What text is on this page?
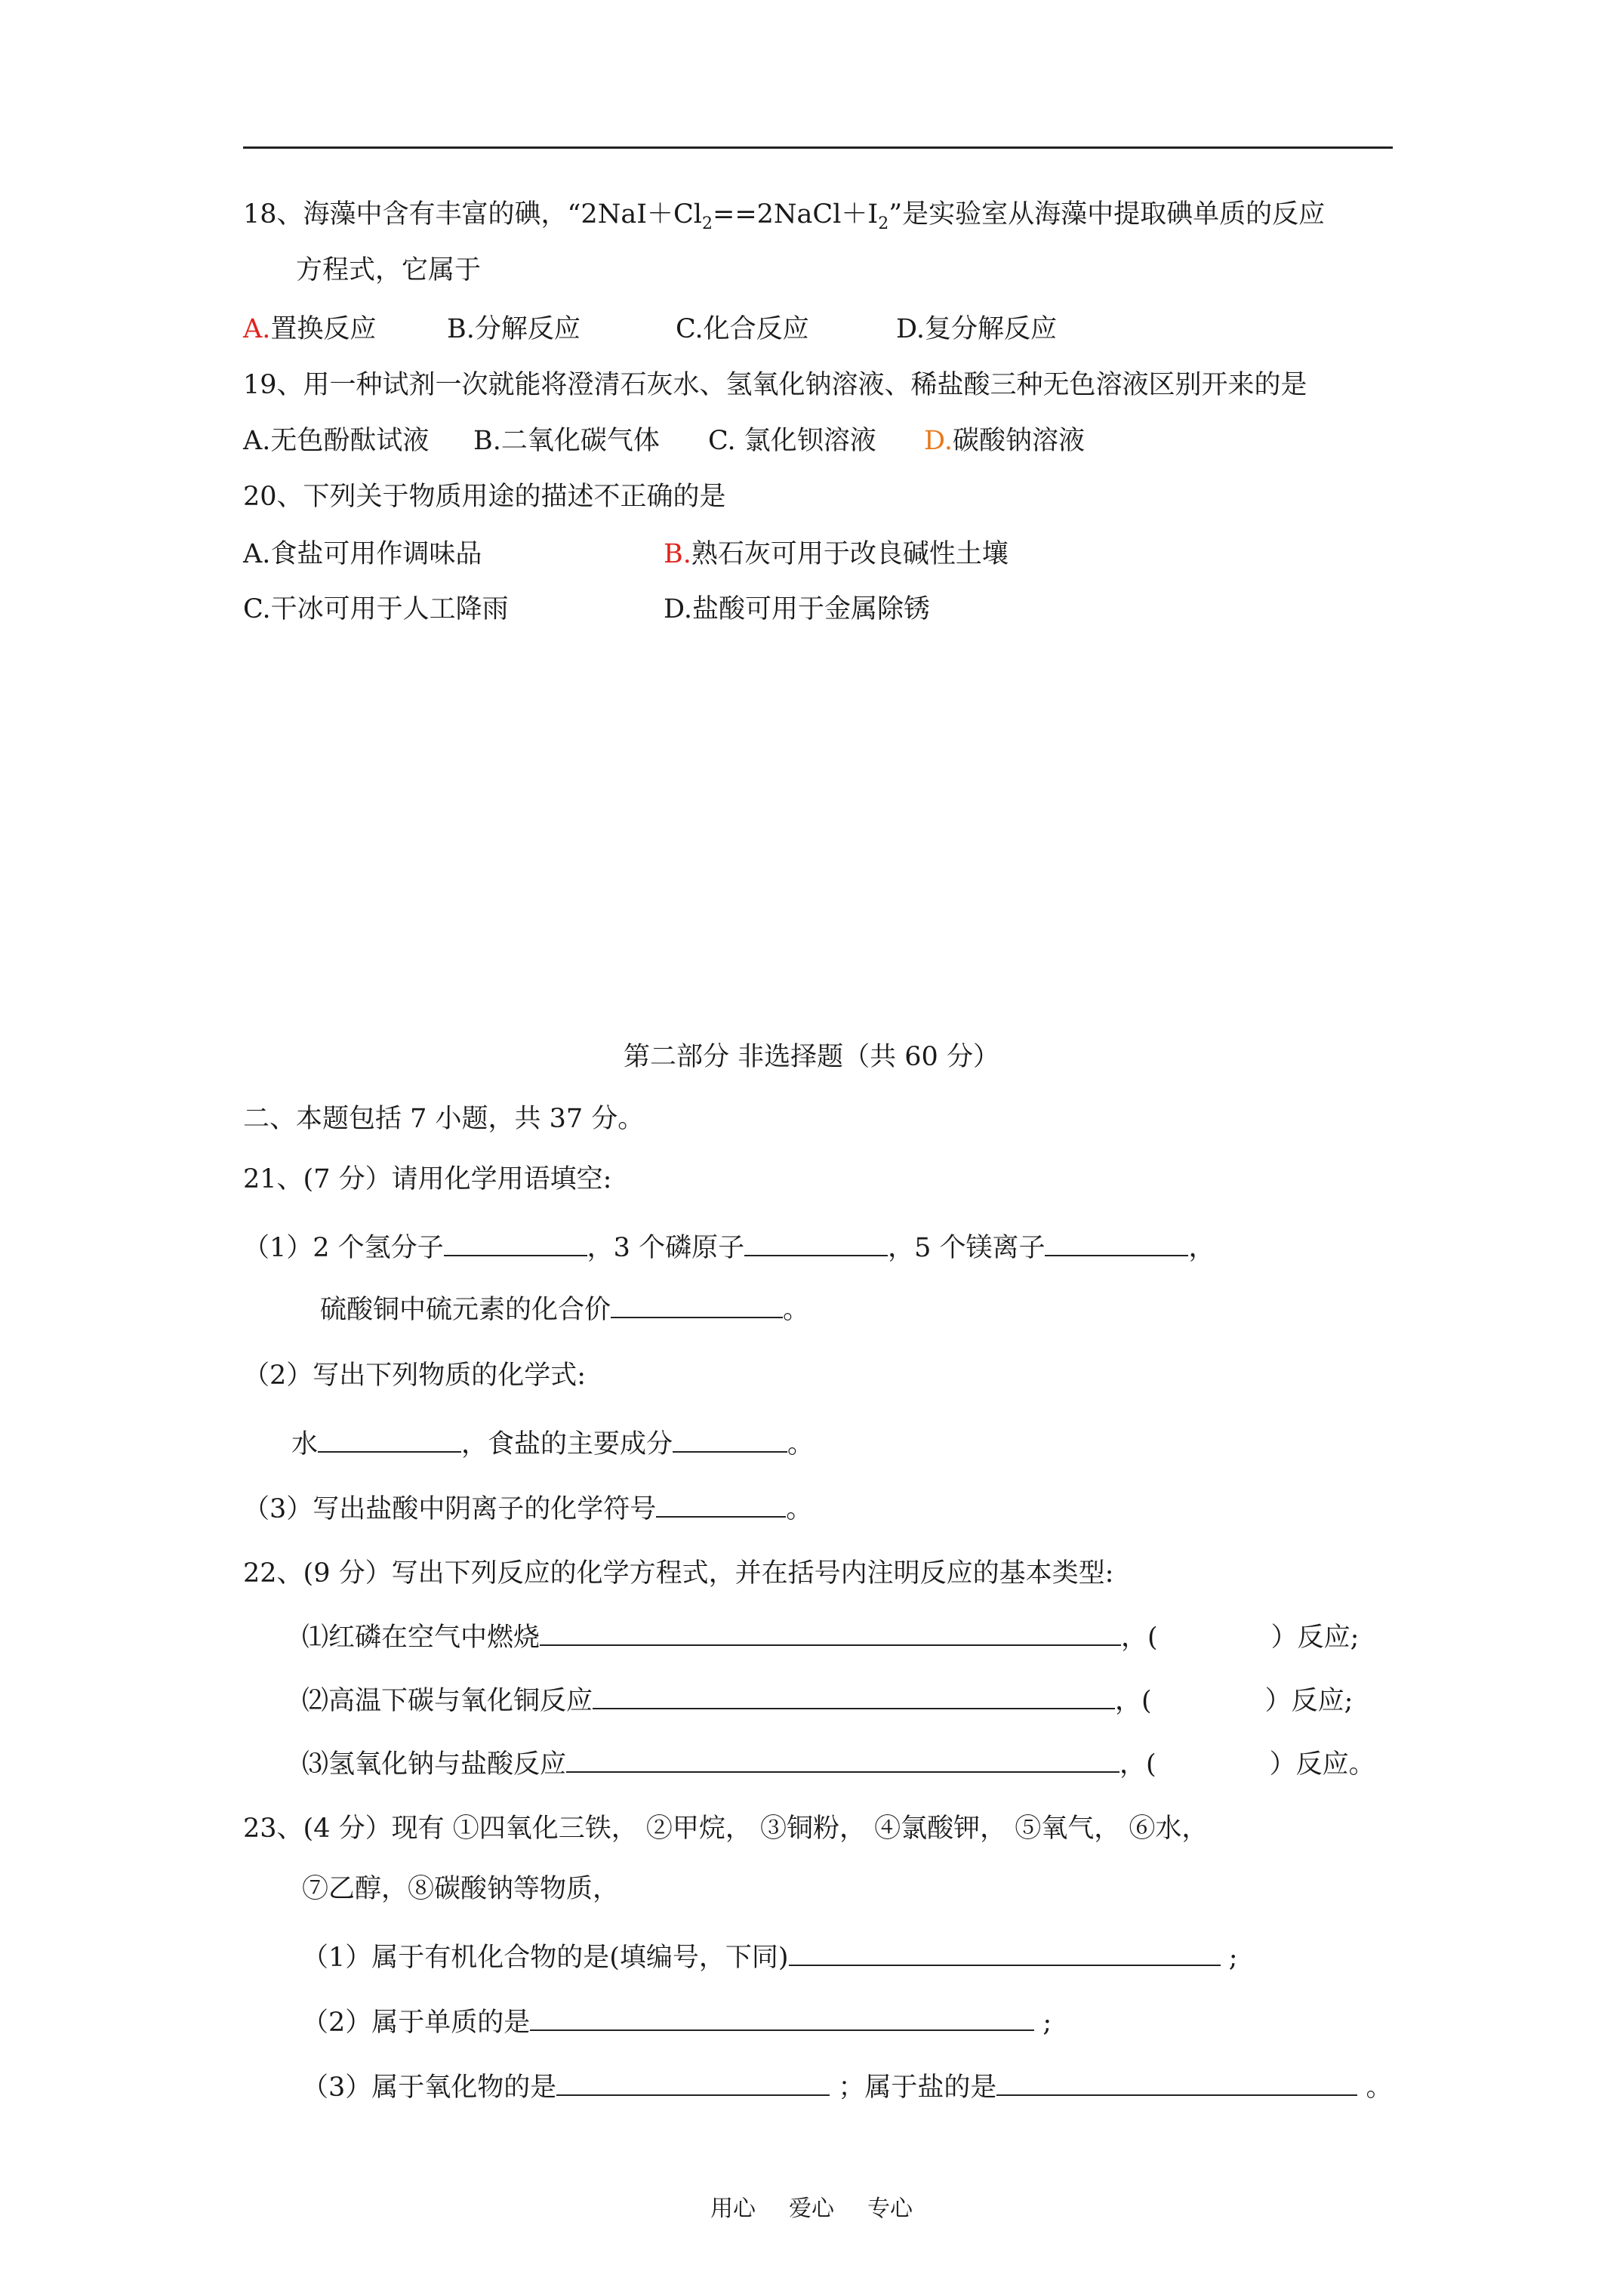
18、海藻中含有丰富的碘，“$2NaI+Cl_2==2NaCl+I_2$”是实验室从海藻中提取碘单质的反应
方程式，它属于
A.置换反应	B.分解反应	C.化合反应	D.复分解反应
19、用一种试剂一次就能将澄清石灰水、氢氧化钠溶液、稀盐酸三种无色溶液区别开来的是
A.无色酚酞试液 B.二氧化碳气体 C. 氯化钡溶液 D.碳酸钠溶液
20、下列关于物质用途的描述不正确的是
A.食盐可用作调味品	B.熟石灰可用于改良碱性土壤
C.干冰可用于人工降雨	D.盐酸可用于金属除锈
第二部分 非选择题（共 60 分）
二、本题包括 7 小题，共 37 分。
21、(7 分）请用化学用语填空:
（1）2 个氢分子	，3 个磷原子	，5 个镁离子	，
硫酸铜中硫元素的化合价	。
（2）写出下列物质的化学式:
水	，食盐的主要成分	。
（3）写出盐酸中阴离子的化学符号	。
22、(9 分）写出下列反应的化学方程式，并在括号内注明反应的基本类型:
⑴红磷在空气中燃烧	，(	）反应;
⑵高温下碳与氧化铜反应	，(	）反应;
⑶氢氧化钠与盐酸反应	，(	）反应。
23、(4 分）现有 ①四氧化三铁， ②甲烷， ③铜粉， ④氯酸钾， ⑤氧气， ⑥水，
⑦乙醇，⑧碳酸钠等物质，
（1）属于有机化合物的是(填编号，下同)	;
（2）属于单质的是	;
（3）属于氧化物的是	；属于盐的是	。
用心 爱心 专心
